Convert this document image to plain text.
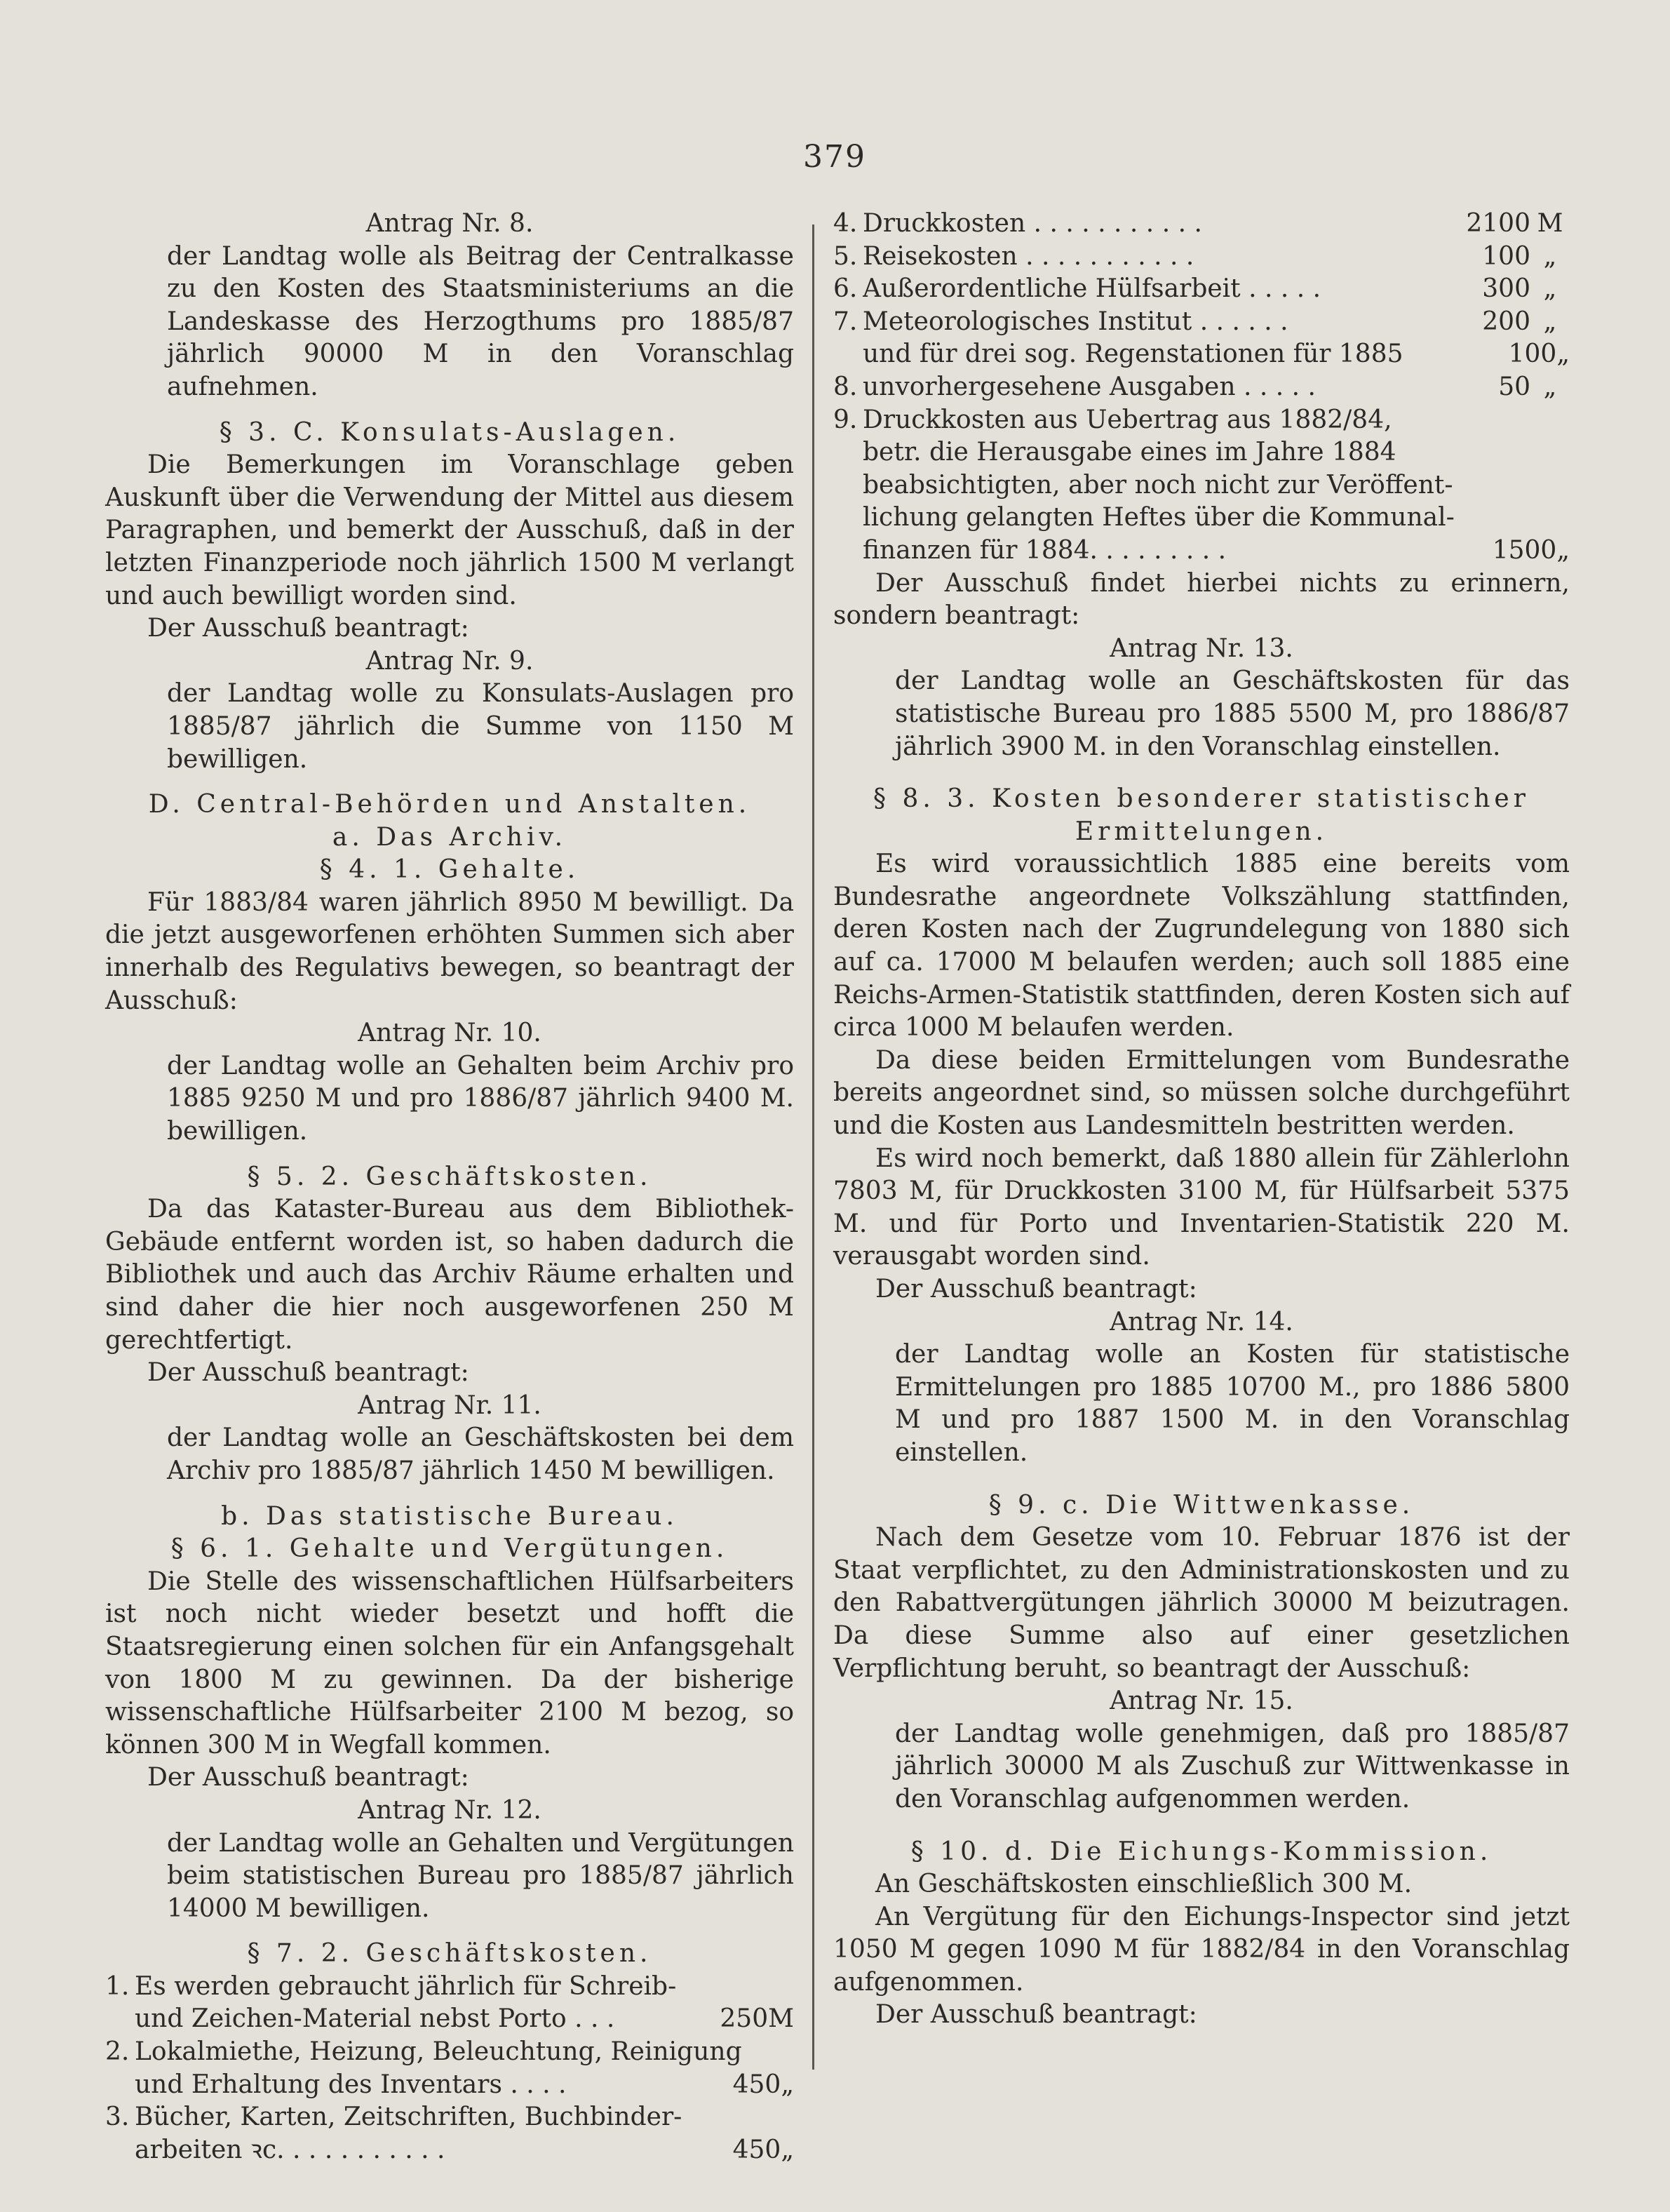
379

Antrag Nr. 8.

der Landtag wolle als Beitrag der Centralkasse zu den Kosten des Staatsministeriums an die Landeskasse des Herzogthums pro 1885/87 jährlich 90000 M in den Voranschlag aufnehmen.

§ 3. C. Konsulats-Auslagen.

Die Bemerkungen im Voranschlage geben Auskunft über die Verwendung der Mittel aus diesem Paragraphen, und bemerkt der Ausschuß, daß in der letzten Finanzperiode noch jährlich 1500 M verlangt und auch bewilligt worden sind.

Der Ausschuß beantragt:

Antrag Nr. 9.

der Landtag wolle zu Konsulats-Auslagen pro 1885/87 jährlich die Summe von 1150 M bewilligen.

D. Central-Behörden und Anstalten.

a. Das Archiv.

§ 4. 1. Gehalte.

Für 1883/84 waren jährlich 8950 M bewilligt. Da die jetzt ausgeworfenen erhöhten Summen sich aber innerhalb des Regulativs bewegen, so beantragt der Ausschuß:

Antrag Nr. 10.

der Landtag wolle an Gehalten beim Archiv pro 1885 9250 M und pro 1886/87 jährlich 9400 M. bewilligen.

§ 5. 2. Geschäftskosten.

Da das Kataster-Bureau aus dem Bibliothek-Gebäude entfernt worden ist, so haben dadurch die Bibliothek und auch das Archiv Räume erhalten und sind daher die hier noch ausgeworfenen 250 M gerechtfertigt.

Der Ausschuß beantragt:

Antrag Nr. 11.

der Landtag wolle an Geschäftskosten bei dem Archiv pro 1885/87 jährlich 1450 M bewilligen.

b. Das statistische Bureau.

§ 6. 1. Gehalte und Vergütungen.

Die Stelle des wissenschaftlichen Hülfsarbeiters ist noch nicht wieder besetzt und hofft die Staatsregierung einen solchen für ein Anfangsgehalt von 1800 M zu gewinnen. Da der bisherige wissenschaftliche Hülfsarbeiter 2100 M bezog, so können 300 M in Wegfall kommen.

Der Ausschuß beantragt:

Antrag Nr. 12.

der Landtag wolle an Gehalten und Vergütungen beim statistischen Bureau pro 1885/87 jährlich 14000 M bewilligen.

§ 7. 2. Geschäftskosten.

1. Es werden gebraucht jährlich für Schreib-
und Zeichen-Material nebst Porto . . .	250 M
2. Lokalmiethe, Heizung, Beleuchtung, Reinigung
und Erhaltung des Inventars . . . .	450 „
3. Bücher, Karten, Zeitschriften, Buchbinder-
arbeiten ꝛc. . . . . . . . . . .	450 „
4. Druckkosten . . . . . . . . . . .	2100 M
5. Reisekosten . . . . . . . . . . .	100 „
6. Außerordentliche Hülfsarbeit . . . . .	300 „
7. Meteorologisches Institut . . . . . .	200 „
und für drei sog. Regenstationen für 1885	100 „
8. unvorhergesehene Ausgaben . . . . .	50 „
9. Druckkosten aus Uebertrag aus 1882/84,
betr. die Herausgabe eines im Jahre 1884
beabsichtigten, aber noch nicht zur Veröffent-
lichung gelangten Heftes über die Kommunal-
finanzen für 1884. . . . . . . . .	1500 „

Der Ausschuß findet hierbei nichts zu erinnern, sondern beantragt:

Antrag Nr. 13.

der Landtag wolle an Geschäftskosten für das statistische Bureau pro 1885 5500 M, pro 1886/87 jährlich 3900 M. in den Voranschlag einstellen.

§ 8. 3. Kosten besonderer statistischer Ermittelungen.

Es wird voraussichtlich 1885 eine bereits vom Bundesrathe angeordnete Volkszählung stattfinden, deren Kosten nach der Zugrundelegung von 1880 sich auf ca. 17000 M belaufen werden; auch soll 1885 eine Reichs-Armen-Statistik stattfinden, deren Kosten sich auf circa 1000 M belaufen werden.

Da diese beiden Ermittelungen vom Bundesrathe bereits angeordnet sind, so müssen solche durchgeführt und die Kosten aus Landesmitteln bestritten werden.

Es wird noch bemerkt, daß 1880 allein für Zählerlohn 7803 M, für Druckkosten 3100 M, für Hülfsarbeit 5375 M. und für Porto und Inventarien-Statistik 220 M. verausgabt worden sind.

Der Ausschuß beantragt:

Antrag Nr. 14.

der Landtag wolle an Kosten für statistische Ermittelungen pro 1885 10700 M., pro 1886 5800 M und pro 1887 1500 M. in den Voranschlag einstellen.

§ 9. c. Die Wittwenkasse.

Nach dem Gesetze vom 10. Februar 1876 ist der Staat verpflichtet, zu den Administrationskosten und zu den Rabattvergütungen jährlich 30000 M beizutragen. Da diese Summe also auf einer gesetzlichen Verpflichtung beruht, so beantragt der Ausschuß:

Antrag Nr. 15.

der Landtag wolle genehmigen, daß pro 1885/87 jährlich 30000 M als Zuschuß zur Wittwenkasse in den Voranschlag aufgenommen werden.

§ 10. d. Die Eichungs-Kommission.

An Geschäftskosten einschließlich 300 M.

An Vergütung für den Eichungs-Inspector sind jetzt 1050 M gegen 1090 M für 1882/84 in den Voranschlag aufgenommen.

Der Ausschuß beantragt:
